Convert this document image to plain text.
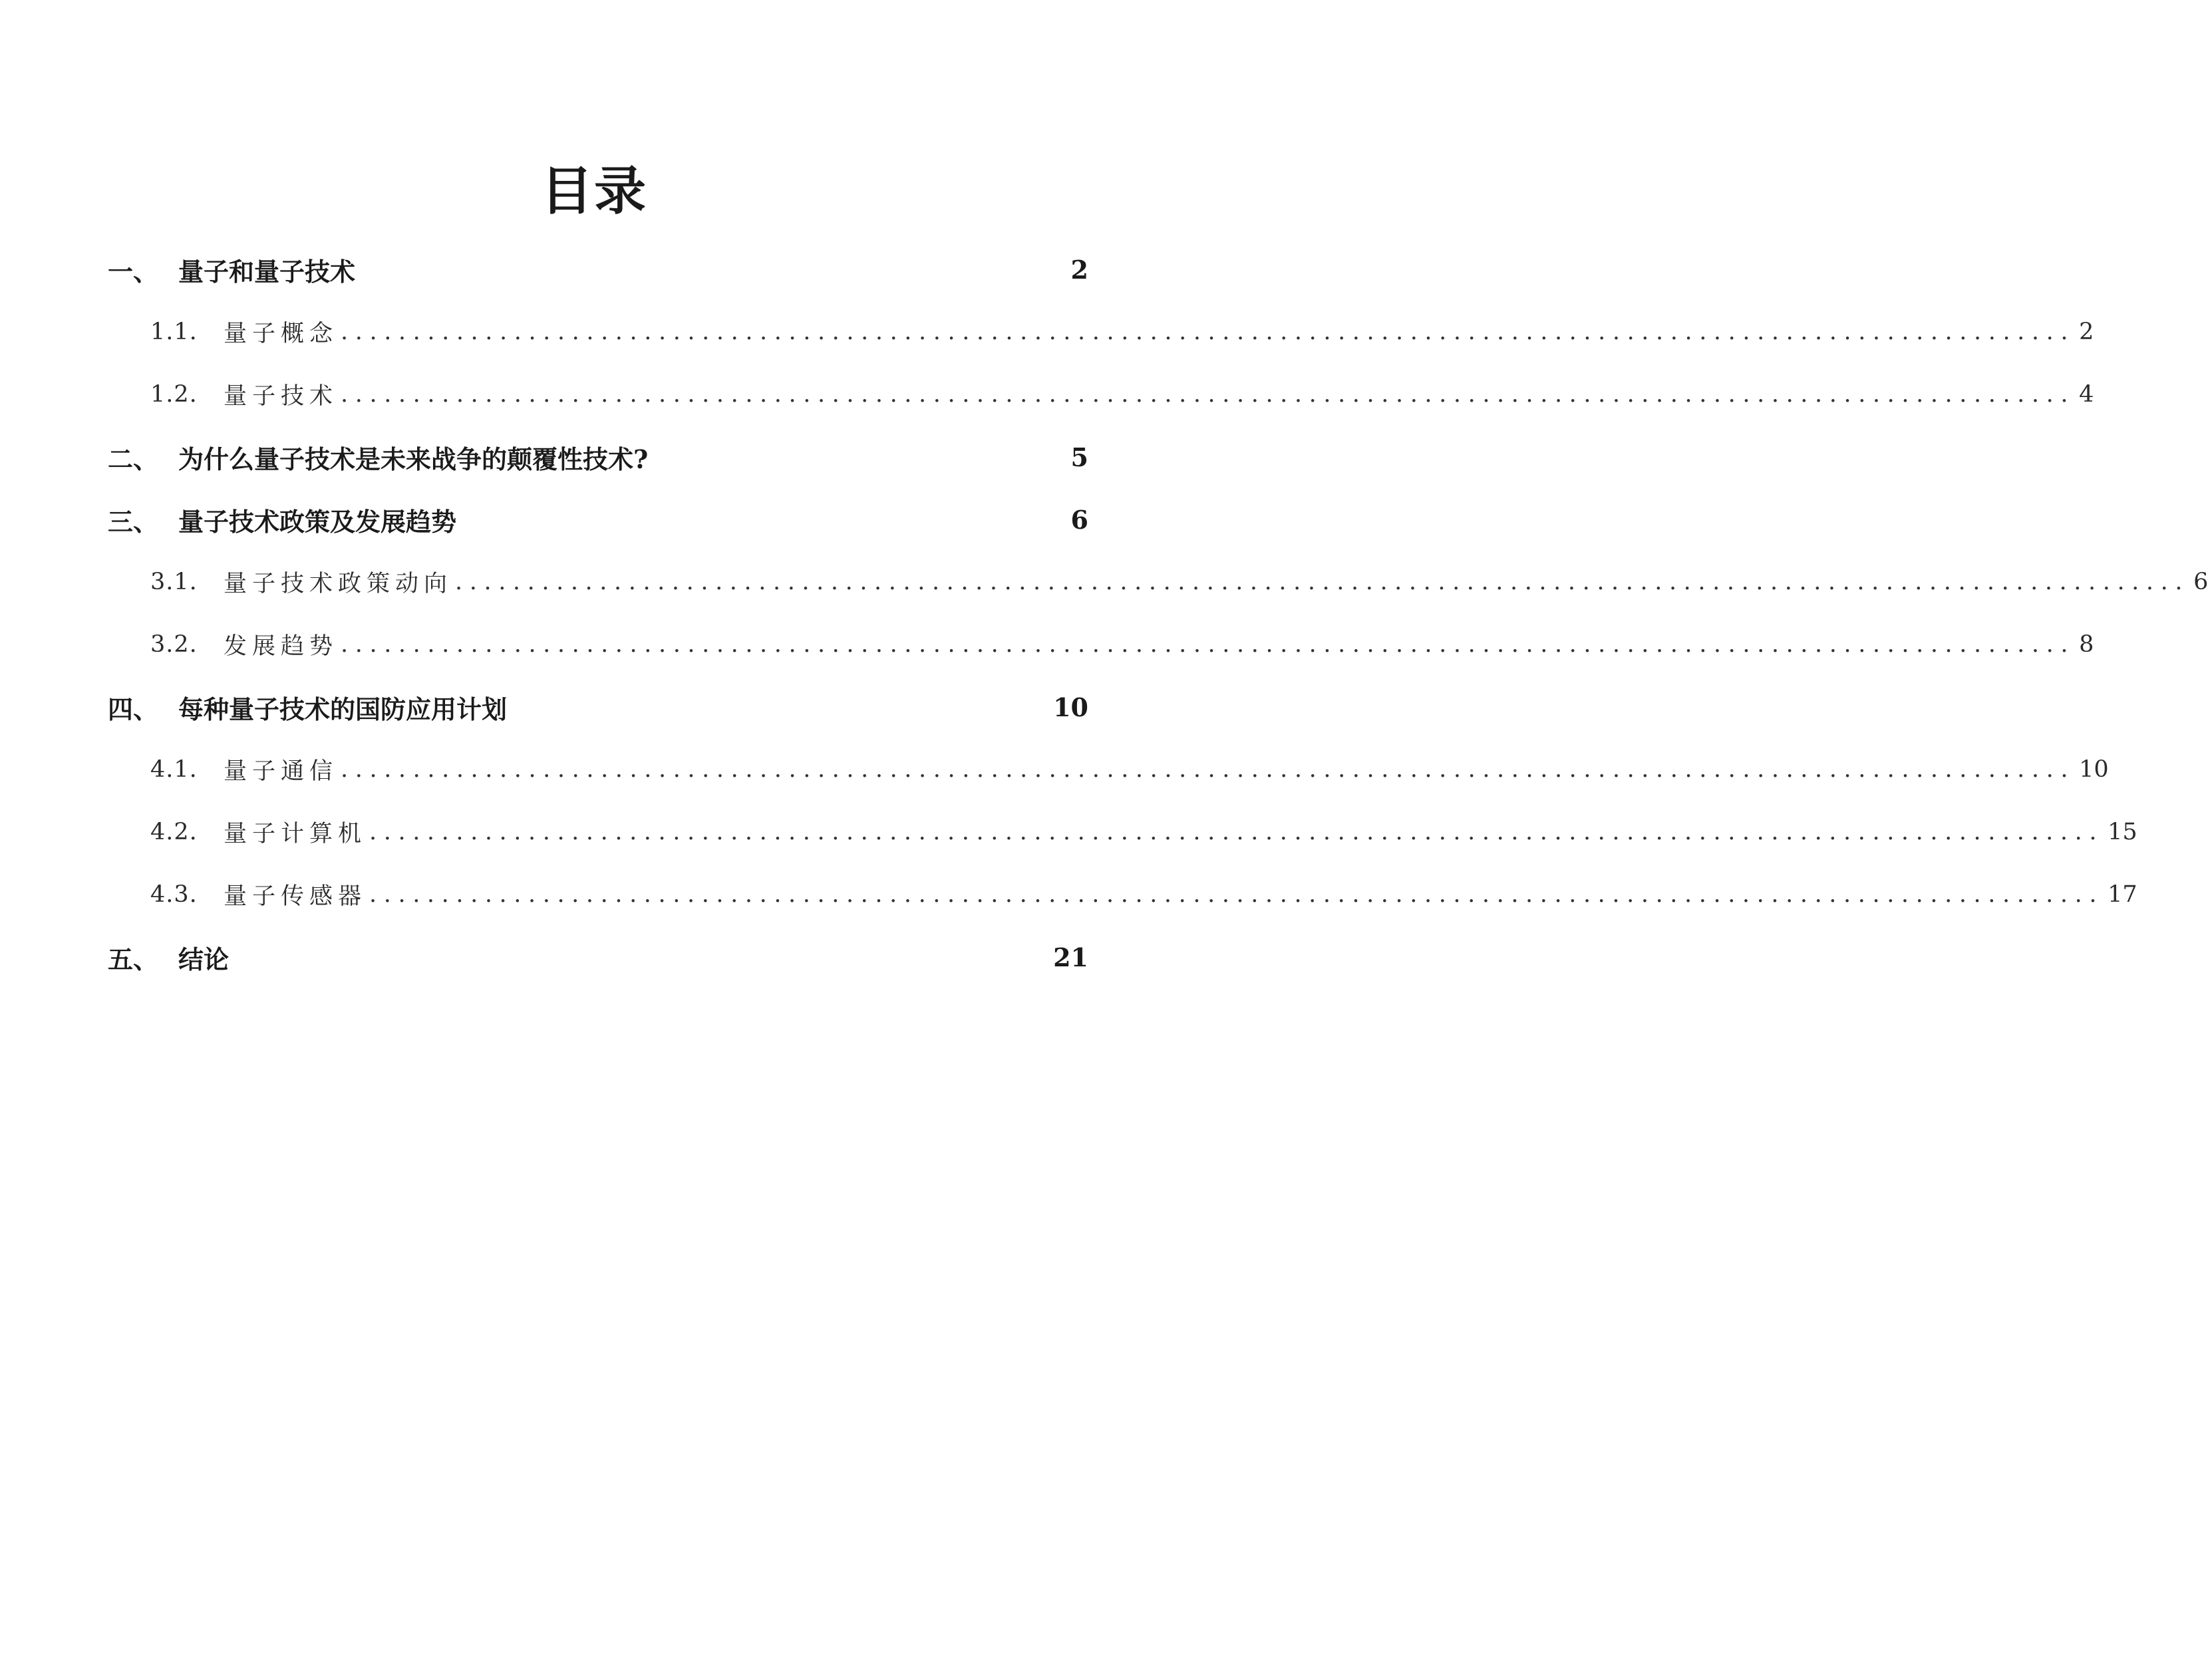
目录
一、 量子和量子技术	2
1.1.	量子概念 ........................................................................................................................ 2
1.2.	量子技术 ........................................................................................................................ 4
二、 为什么量子技术是未来战争的颠覆性技术?	5
三、 量子技术政策及发展趋势	6
3.1.	量子技术政策动向 ........................................................................................................................ 6
3.2.	发展趋势 ........................................................................................................................ 8
四、 每种量子技术的国防应用计划	10
4.1.	量子通信 ........................................................................................................................ 10
4.2.	量子计算机 ........................................................................................................................ 15
4.3.	量子传感器 ........................................................................................................................ 17
五、 结论	21
